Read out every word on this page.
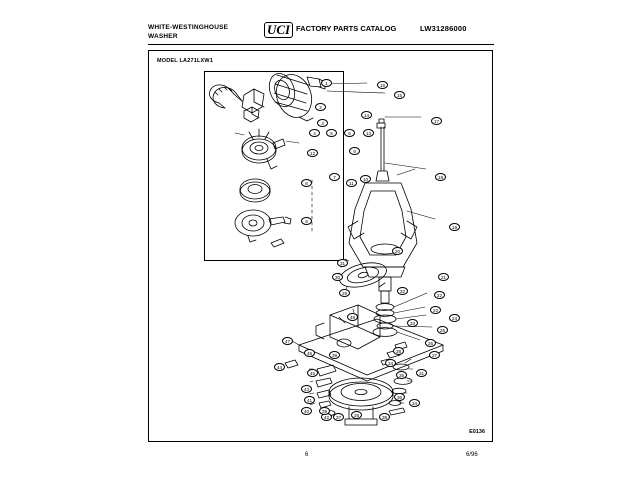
WHITE-WESTINGHOUSE
WASHER	UCI FACTORY PARTS CATALOG	LW31286000
MODEL LA271LXW1
E0136
1	16
15
2
14
3
4	5	6	13
12	9
7
11
10
8
8
17
18
19
20
31
30
29
21
32
22
23
48	24
33
25
47	26
46	38
27
39
34
44
45	35	31
43
41
36
34
40
42
39
28
37	38
6	6/96
